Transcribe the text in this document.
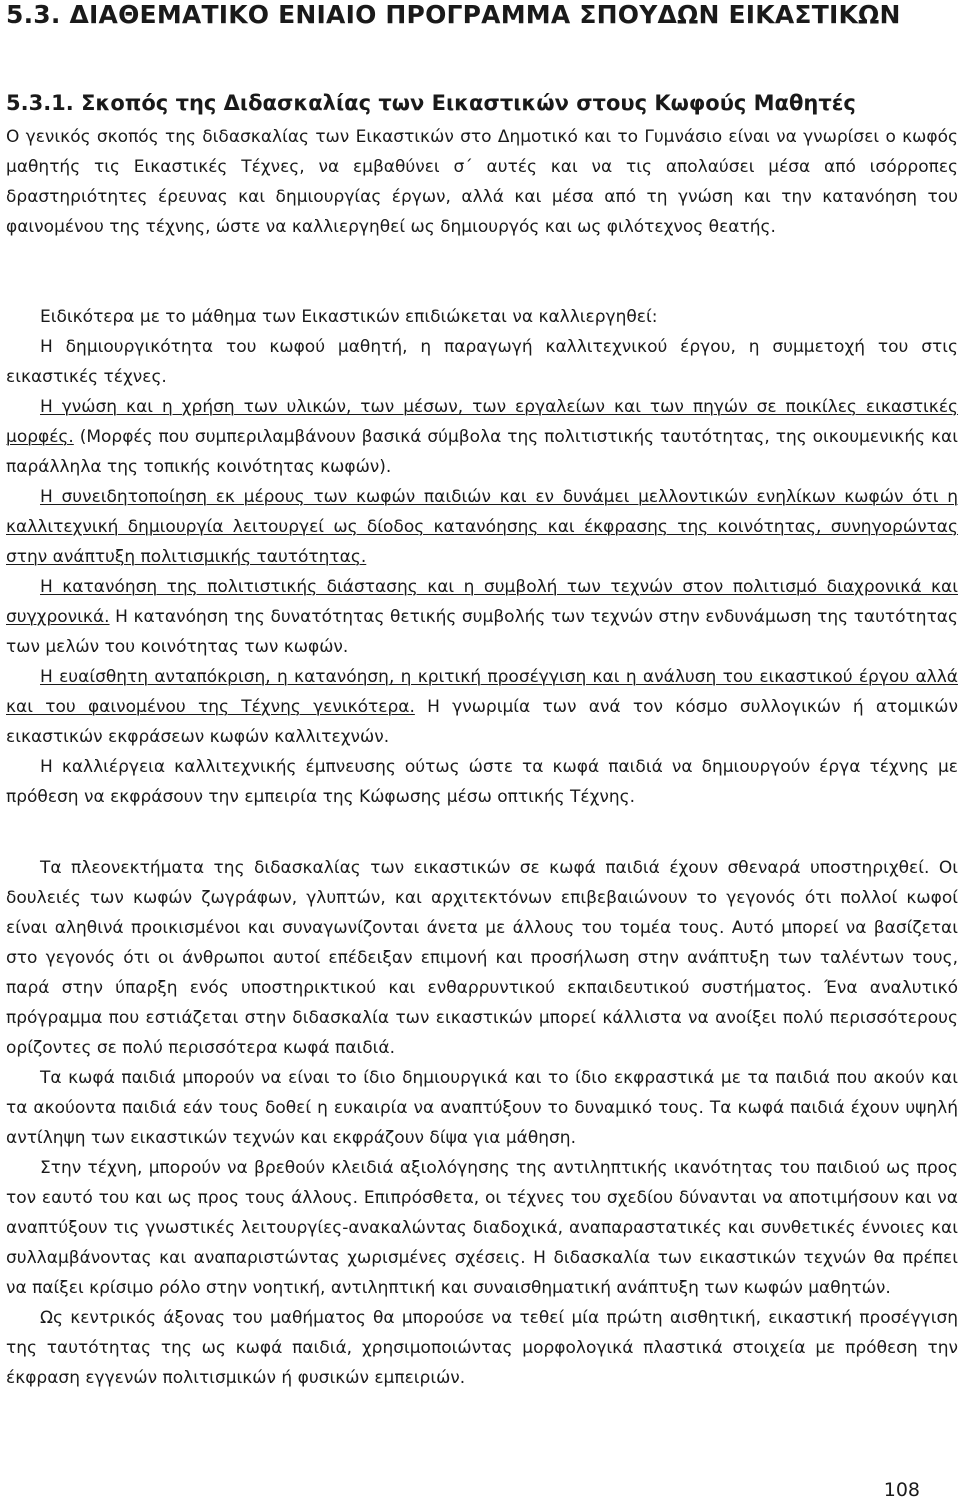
5.3. ΔΙΑΘΕΜΑΤΙΚΟ ΕΝΙΑΙΟ ΠΡΟΓΡΑΜΜΑ ΣΠΟΥΔΩΝ ΕΙΚΑΣΤΙΚΩΝ
5.3.1. Σκοπός της Διδασκαλίας των Εικαστικών στους Κωφούς Μαθητές

Ο γενικός σκοπός της διδασκαλίας των Εικαστικών στο Δημοτικό και το Γυμνάσιο είναι να γνωρίσει ο κωφός μαθητής τις Εικαστικές Τέχνες, να εμβαθύνει σ΄ αυτές και να τις απολαύσει μέσα από ισόρροπες δραστηριότητες έρευνας και δημιουργίας έργων, αλλά και μέσα από τη γνώση και την κατανόηση του φαινομένου της τέχνης, ώστε να καλλιεργηθεί ως δημιουργός και ως φιλότεχνος θεατής.

Ειδικότερα με το μάθημα των Εικαστικών επιδιώκεται να καλλιεργηθεί:

Η δημιουργικότητα του κωφού μαθητή, η παραγωγή καλλιτεχνικού έργου, η συμμετοχή του στις εικαστικές τέχνες.

Η γνώση και η χρήση των υλικών, των μέσων, των εργαλείων και των πηγών σε ποικίλες εικαστικές μορφές. (Μορφές που συμπεριλαμβάνουν βασικά σύμβολα της πολιτιστικής ταυτότητας, της οικουμενικής και παράλληλα της τοπικής κοινότητας κωφών).

Η συνειδητοποίηση εκ μέρους των κωφών παιδιών και εν δυνάμει μελλοντικών ενηλίκων κωφών ότι η καλλιτεχνική δημιουργία λειτουργεί ως δίοδος κατανόησης και έκφρασης της κοινότητας, συνηγορώντας στην ανάπτυξη πολιτισμικής ταυτότητας.

Η κατανόηση της πολιτιστικής διάστασης και η συμβολή των τεχνών στον πολιτισμό διαχρονικά και συγχρονικά. Η κατανόηση της δυνατότητας θετικής συμβολής των τεχνών στην ενδυνάμωση της ταυτότητας των μελών του κοινότητας των κωφών.

Η ευαίσθητη ανταπόκριση, η κατανόηση, η κριτική προσέγγιση και η ανάλυση του εικαστικού έργου αλλά και του φαινομένου της Τέχνης γενικότερα. Η γνωριμία των ανά τον κόσμο συλλογικών ή ατομικών εικαστικών εκφράσεων κωφών καλλιτεχνών.

Η καλλιέργεια καλλιτεχνικής έμπνευσης ούτως ώστε τα κωφά παιδιά να δημιουργούν έργα τέχνης με πρόθεση να εκφράσουν την εμπειρία της Κώφωσης μέσω οπτικής Τέχνης.

Τα πλεονεκτήματα της διδασκαλίας των εικαστικών σε κωφά παιδιά έχουν σθεναρά υποστηριχθεί. Οι δουλειές των κωφών ζωγράφων, γλυπτών, και αρχιτεκτόνων επιβεβαιώνουν το γεγονός ότι πολλοί κωφοί είναι αληθινά προικισμένοι και συναγωνίζονται άνετα με άλλους του τομέα τους. Αυτό μπορεί να βασίζεται στο γεγονός ότι οι άνθρωποι αυτοί επέδειξαν επιμονή και προσήλωση στην ανάπτυξη των ταλέντων τους, παρά στην ύπαρξη ενός υποστηρικτικού και ενθαρρυντικού εκπαιδευτικού συστήματος. Ένα αναλυτικό πρόγραμμα που εστιάζεται στην διδασκαλία των εικαστικών μπορεί κάλλιστα να ανοίξει πολύ περισσότερους ορίζοντες σε πολύ περισσότερα κωφά παιδιά.

Τα κωφά παιδιά μπορούν να είναι το ίδιο δημιουργικά και το ίδιο εκφραστικά με τα παιδιά που ακούν και τα ακούοντα παιδιά εάν τους δοθεί η ευκαιρία να αναπτύξουν το δυναμικό τους. Τα κωφά παιδιά έχουν υψηλή αντίληψη των εικαστικών τεχνών και εκφράζουν δίψα για μάθηση.

Στην τέχνη, μπορούν να βρεθούν κλειδιά αξιολόγησης της αντιληπτικής ικανότητας του παιδιού ως προς τον εαυτό του και ως προς τους άλλους. Επιπρόσθετα, οι τέχνες του σχεδίου δύνανται να αποτιμήσουν και να αναπτύξουν τις γνωστικές λειτουργίες-ανακαλώντας διαδοχικά, αναπαραστατικές και συνθετικές έννοιες και συλλαμβάνοντας και αναπαριστώντας χωρισμένες σχέσεις. Η διδασκαλία των εικαστικών τεχνών θα πρέπει να παίξει κρίσιμο ρόλο στην νοητική, αντιληπτική και συναισθηματική ανάπτυξη των κωφών μαθητών.

Ως κεντρικός άξονας του μαθήματος θα μπορούσε να τεθεί μία πρώτη αισθητική, εικαστική προσέγγιση της ταυτότητας της ως κωφά παιδιά, χρησιμοποιώντας μορφολογικά πλαστικά στοιχεία με πρόθεση την έκφραση εγγενών πολιτισμικών ή φυσικών εμπειριών.

108
